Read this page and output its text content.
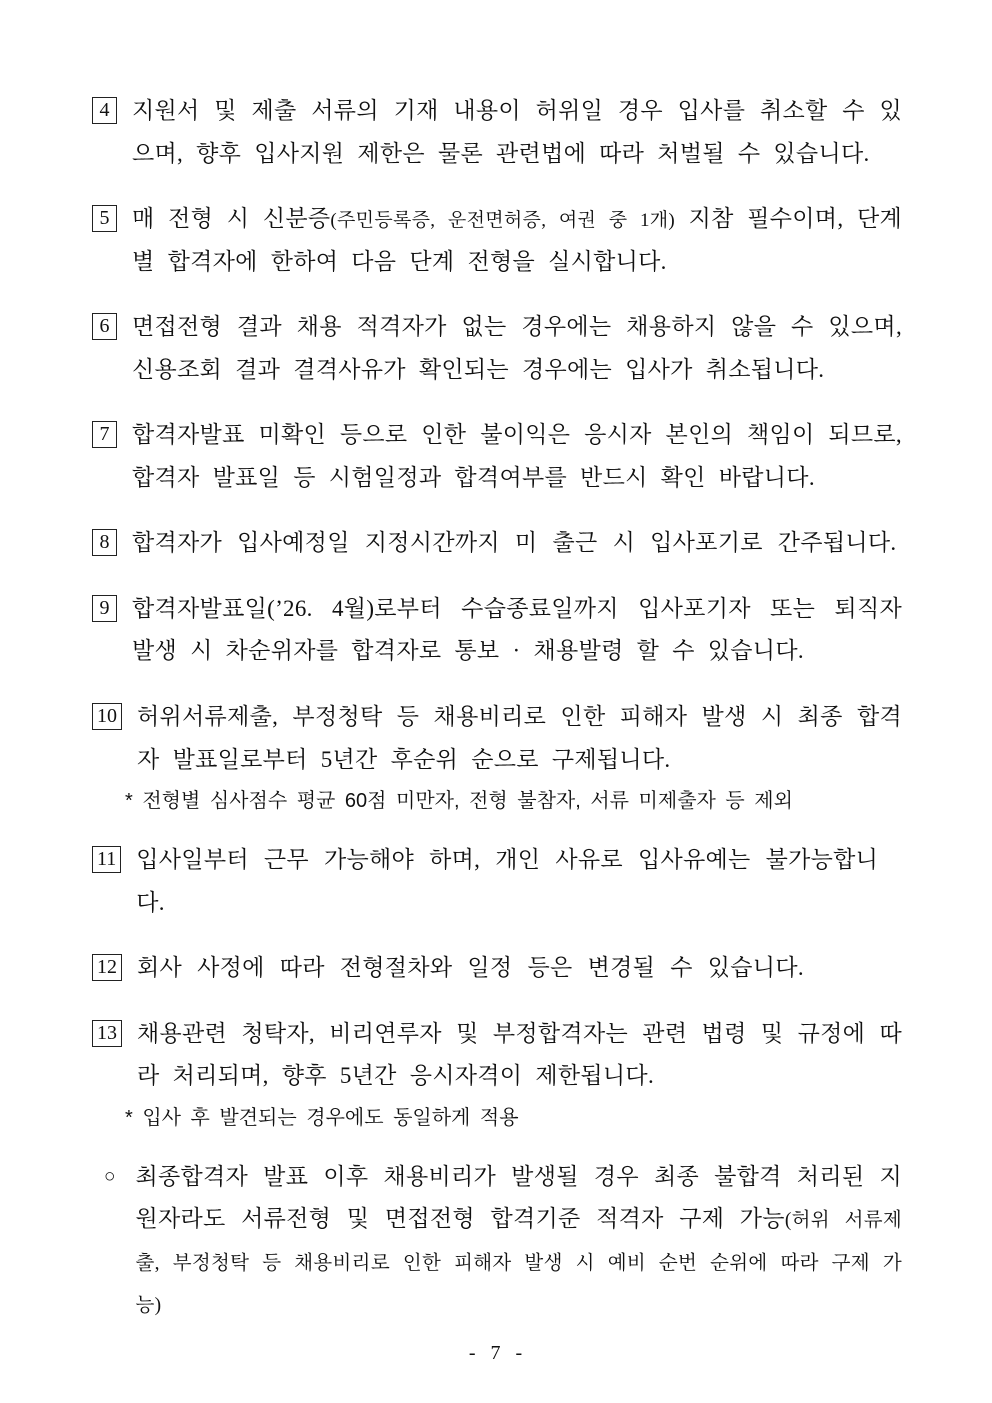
4 지원서 및 제출 서류의 기재 내용이 허위일 경우 입사를 취소할 수 있으며, 향후 입사지원 제한은 물론 관련법에 따라 처벌될 수 있습니다.
5 매 전형 시 신분증(주민등록증, 운전면허증, 여권 중 1개) 지참 필수이며, 단계별 합격자에 한하여 다음 단계 전형을 실시합니다.
6 면접전형 결과 채용 적격자가 없는 경우에는 채용하지 않을 수 있으며, 신용조회 결과 결격사유가 확인되는 경우에는 입사가 취소됩니다.
7 합격자발표 미확인 등으로 인한 불이익은 응시자 본인의 책임이 되므로, 합격자 발표일 등 시험일정과 합격여부를 반드시 확인 바랍니다.
8 합격자가 입사예정일 지정시간까지 미 출근 시 입사포기로 간주됩니다.
9 합격자발표일(’26. 4월)로부터 수습종료일까지 입사포기자 또는 퇴직자 발생 시 차순위자를 합격자로 통보 · 채용발령 할 수 있습니다.
10 허위서류제출, 부정청탁 등 채용비리로 인한 피해자 발생 시 최종 합격자 발표일로부터 5년간 후순위 순으로 구제됩니다.
* 전형별 심사점수 평균 60점 미만자, 전형 불참자, 서류 미제출자 등 제외
11 입사일부터 근무 가능해야 하며, 개인 사유로 입사유예는 불가능합니다.
12 회사 사정에 따라 전형절차와 일정 등은 변경될 수 있습니다.
13 채용관련 청탁자, 비리연루자 및 부정합격자는 관련 법령 및 규정에 따라 처리되며, 향후 5년간 응시자격이 제한됩니다.
* 입사 후 발견되는 경우에도 동일하게 적용
○ 최종합격자 발표 이후 채용비리가 발생될 경우 최종 불합격 처리된 지원자라도 서류전형 및 면접전형 합격기준 적격자 구제 가능(허위 서류제출, 부정청탁 등 채용비리로 인한 피해자 발생 시 예비 순번 순위에 따라 구제 가능)
- 7 -
